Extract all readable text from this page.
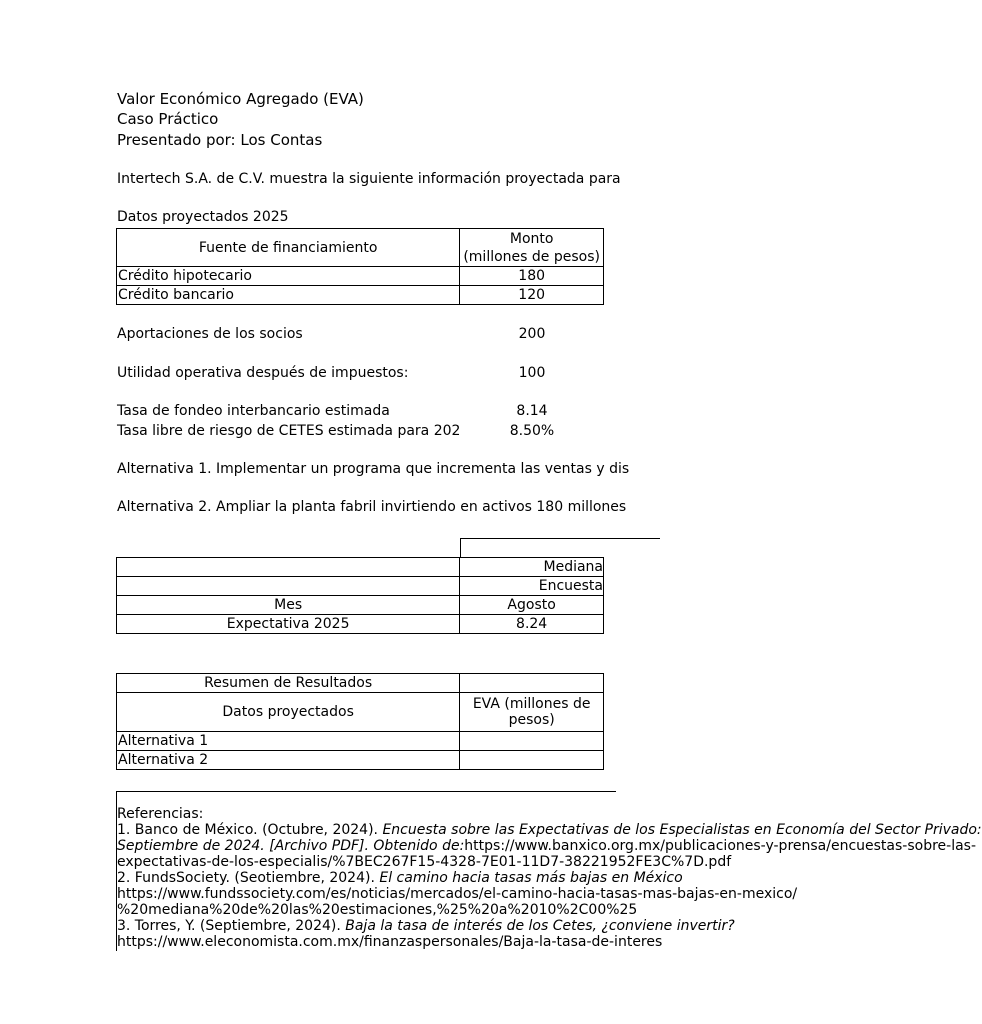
Valor Económico Agregado (EVA)
Caso Práctico
Presentado por: Los Contas
Intertech S.A. de C.V. muestra la siguiente información proyectada para
Datos proyectados 2025
Fuente de financiamiento	Monto
(millones de pesos)

Crédito hipotecario	180
Crédito bancario	120
Aportaciones de los socios	200
Utilidad operativa después de impuestos:	100
Tasa de fondeo interbancario estimada	8.14
Tasa libre de riesgo de CETES estimada para 202	8.50%
Alternativa 1. Implementar un programa que incrementa las ventas y dis
Alternativa 2. Ampliar la planta fabril invirtiendo en activos 180 millones
	Mediana
	Encuesta
Mes	Agosto
Expectativa 2025	8.24
Resumen de Resultados	
Datos proyectados	EVA (millones de
pesos)

Alternativa 1	
Alternativa 2	
Referencias:
1. Banco de México. (Octubre, 2024). Encuesta sobre las Expectativas de los Especialistas en Economía del Sector Privado:
Septiembre de 2024. [Archivo PDF]. Obtenido de:https://www.banxico.org.mx/publicaciones-y-prensa/encuestas-sobre-las-
expectativas-de-los-especialis/%7BEC267F15-4328-7E01-11D7-38221952FE3C%7D.pdf
2. FundsSociety. (Seotiembre, 2024). El camino hacia tasas más bajas en México
https://www.fundssociety.com/es/noticias/mercados/el-camino-hacia-tasas-mas-bajas-en-mexico/
%20mediana%20de%20las%20estimaciones,%25%20a%2010%2C00%25
3. Torres, Y. (Septiembre, 2024). Baja la tasa de interés de los Cetes, ¿conviene invertir?
https://www.eleconomista.com.mx/finanzaspersonales/Baja-la-tasa-de-interes
